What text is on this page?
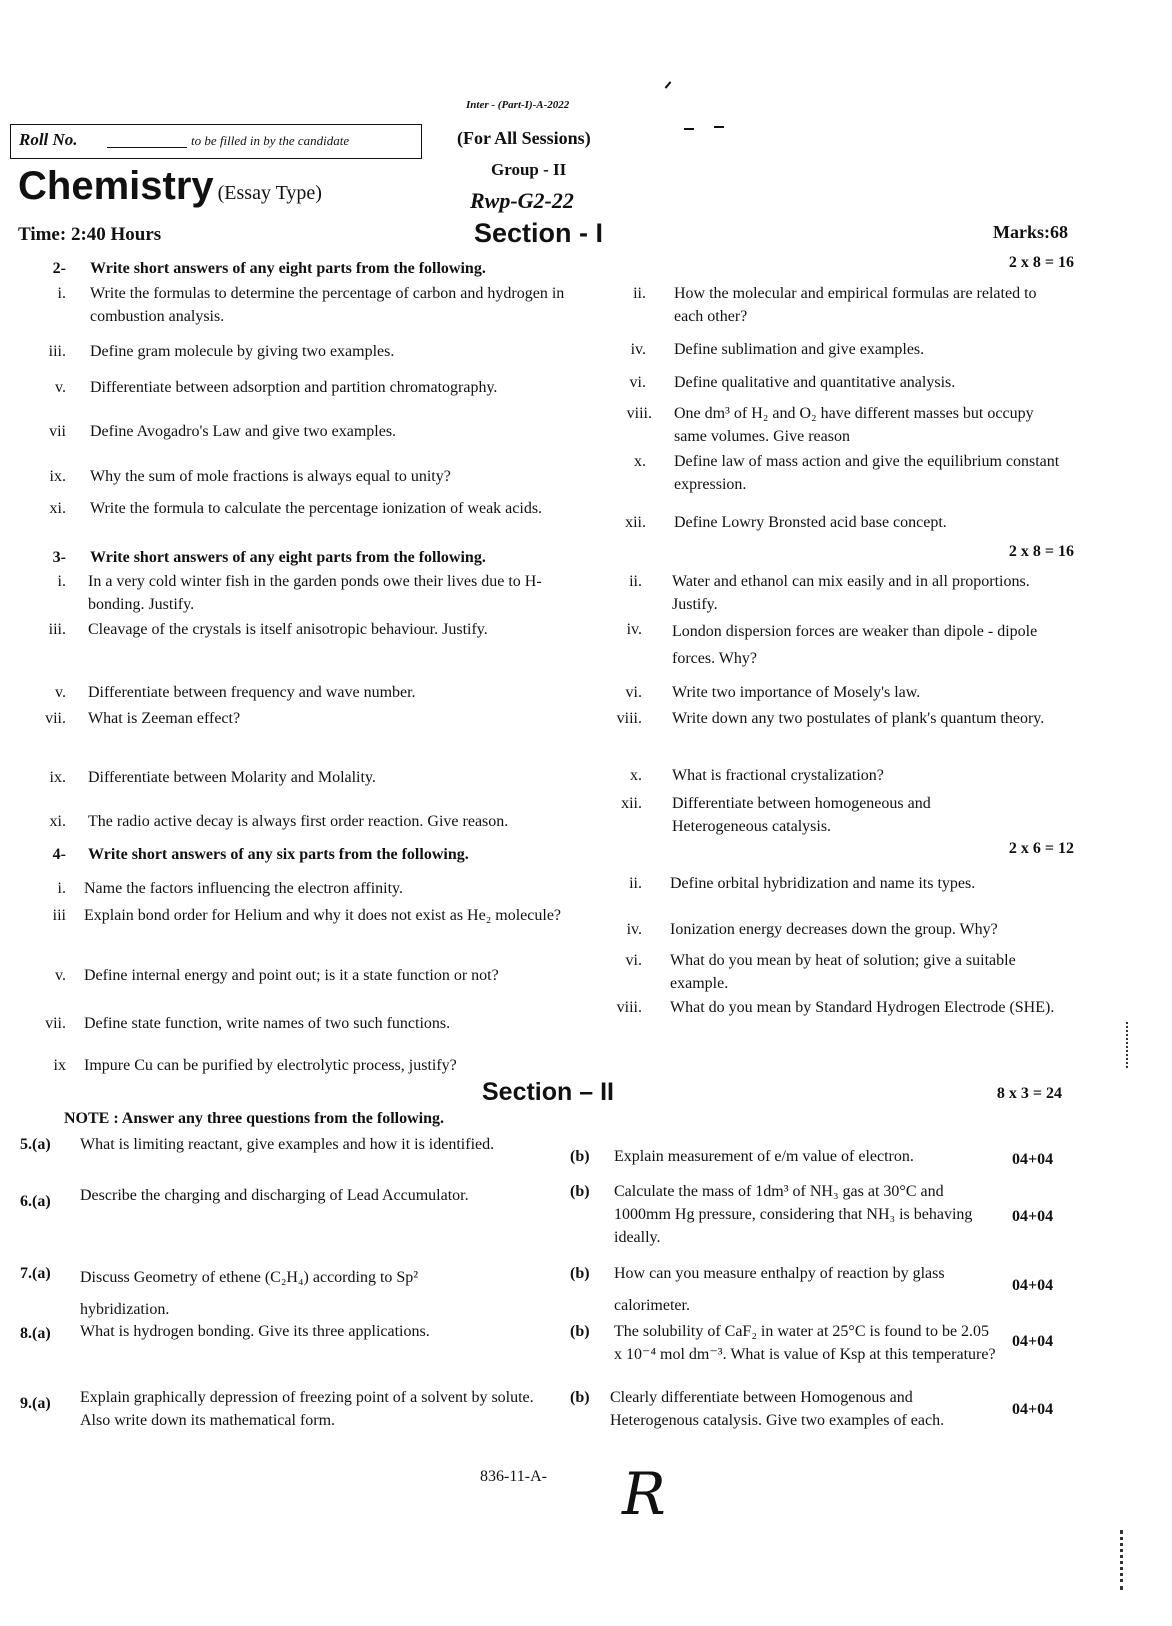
Inter - (Part-I)-A-2022
Roll No.	to be filled in by the candidate	(For All Sessions)
Group - II
Rwp-G2-22
Chemistry (Essay Type)
Time: 2:40 Hours	Section - I	Marks:68
2- Write short answers of any eight parts from the following.	2 x 8 = 16
i. Write the formulas to determine the percentage of carbon and hydrogen in combustion analysis.
iii. Define gram molecule by giving two examples.
v. Differentiate between adsorption and partition chromatography.
vii Define Avogadro's Law and give two examples.
ix. Why the sum of mole fractions is always equal to unity?
xi. Write the formula to calculate the percentage ionization of weak acids.
ii. How the molecular and empirical formulas are related to each other?
iv. Define sublimation and give examples.
vi. Define qualitative and quantitative analysis.
viii. One dm³ of H₂ and O₂ have different masses but occupy same volumes. Give reason
x. Define law of mass action and give the equilibrium constant expression.
xii. Define Lowry Bronsted acid base concept.
3- Write short answers of any eight parts from the following.	2 x 8 = 16
i. In a very cold winter fish in the garden ponds owe their lives due to H-bonding. Justify.
iii. Cleavage of the crystals is itself anisotropic behaviour. Justify.
v. Differentiate between frequency and wave number.
vii. What is Zeeman effect?
ix. Differentiate between Molarity and Molality.
xi. The radio active decay is always first order reaction. Give reason.
ii. Water and ethanol can mix easily and in all proportions. Justify.
iv. London dispersion forces are weaker than dipole - dipole forces. Why?
vi. Write two importance of Mosely's law.
viii. Write down any two postulates of plank's quantum theory.
x. What is fractional crystalization?
xii. Differentiate between homogeneous and Heterogeneous catalysis.
4- Write short answers of any six parts from the following.	2 x 6 = 12
i. Name the factors influencing the electron affinity.
iii Explain bond order for Helium and why it does not exist as He₂ molecule?
v. Define internal energy and point out; is it a state function or not?
vii. Define state function, write names of two such functions.
ix Impure Cu can be purified by electrolytic process, justify?
ii. Define orbital hybridization and name its types.
iv. Ionization energy decreases down the group. Why?
vi. What do you mean by heat of solution; give a suitable example.
viii. What do you mean by Standard Hydrogen Electrode (SHE).
Section – II	8 x 3 = 24
NOTE : Answer any three questions from the following.
5.(a) What is limiting reactant, give examples and how it is identified.
(b) Explain measurement of e/m value of electron.	04+04
6.(a) Describe the charging and discharging of Lead Accumulator.	(b) Calculate the mass of 1dm³ of NH₃ gas at 30°C and 1000mm Hg pressure, considering that NH₃ is behaving ideally.
04+04
7.(a) Discuss Geometry of ethene (C₂H₄) according to Sp² hybridization.
(b) How can you measure enthalpy of reaction by glass calorimeter.
04+04
8.(a) What is hydrogen bonding. Give its three applications.	(b) The solubility of CaF₂ in water at 25°C is found to be 2.05 x 10⁻⁴ mol dm⁻³. What is value of Ksp at this temperature?
04+04
9.(a) Explain graphically depression of freezing point of a solvent by solute. Also write down its mathematical form.
(b) Clearly differentiate between Homogenous and Heterogenous catalysis. Give two examples of each.
04+04
836-11-A- R
